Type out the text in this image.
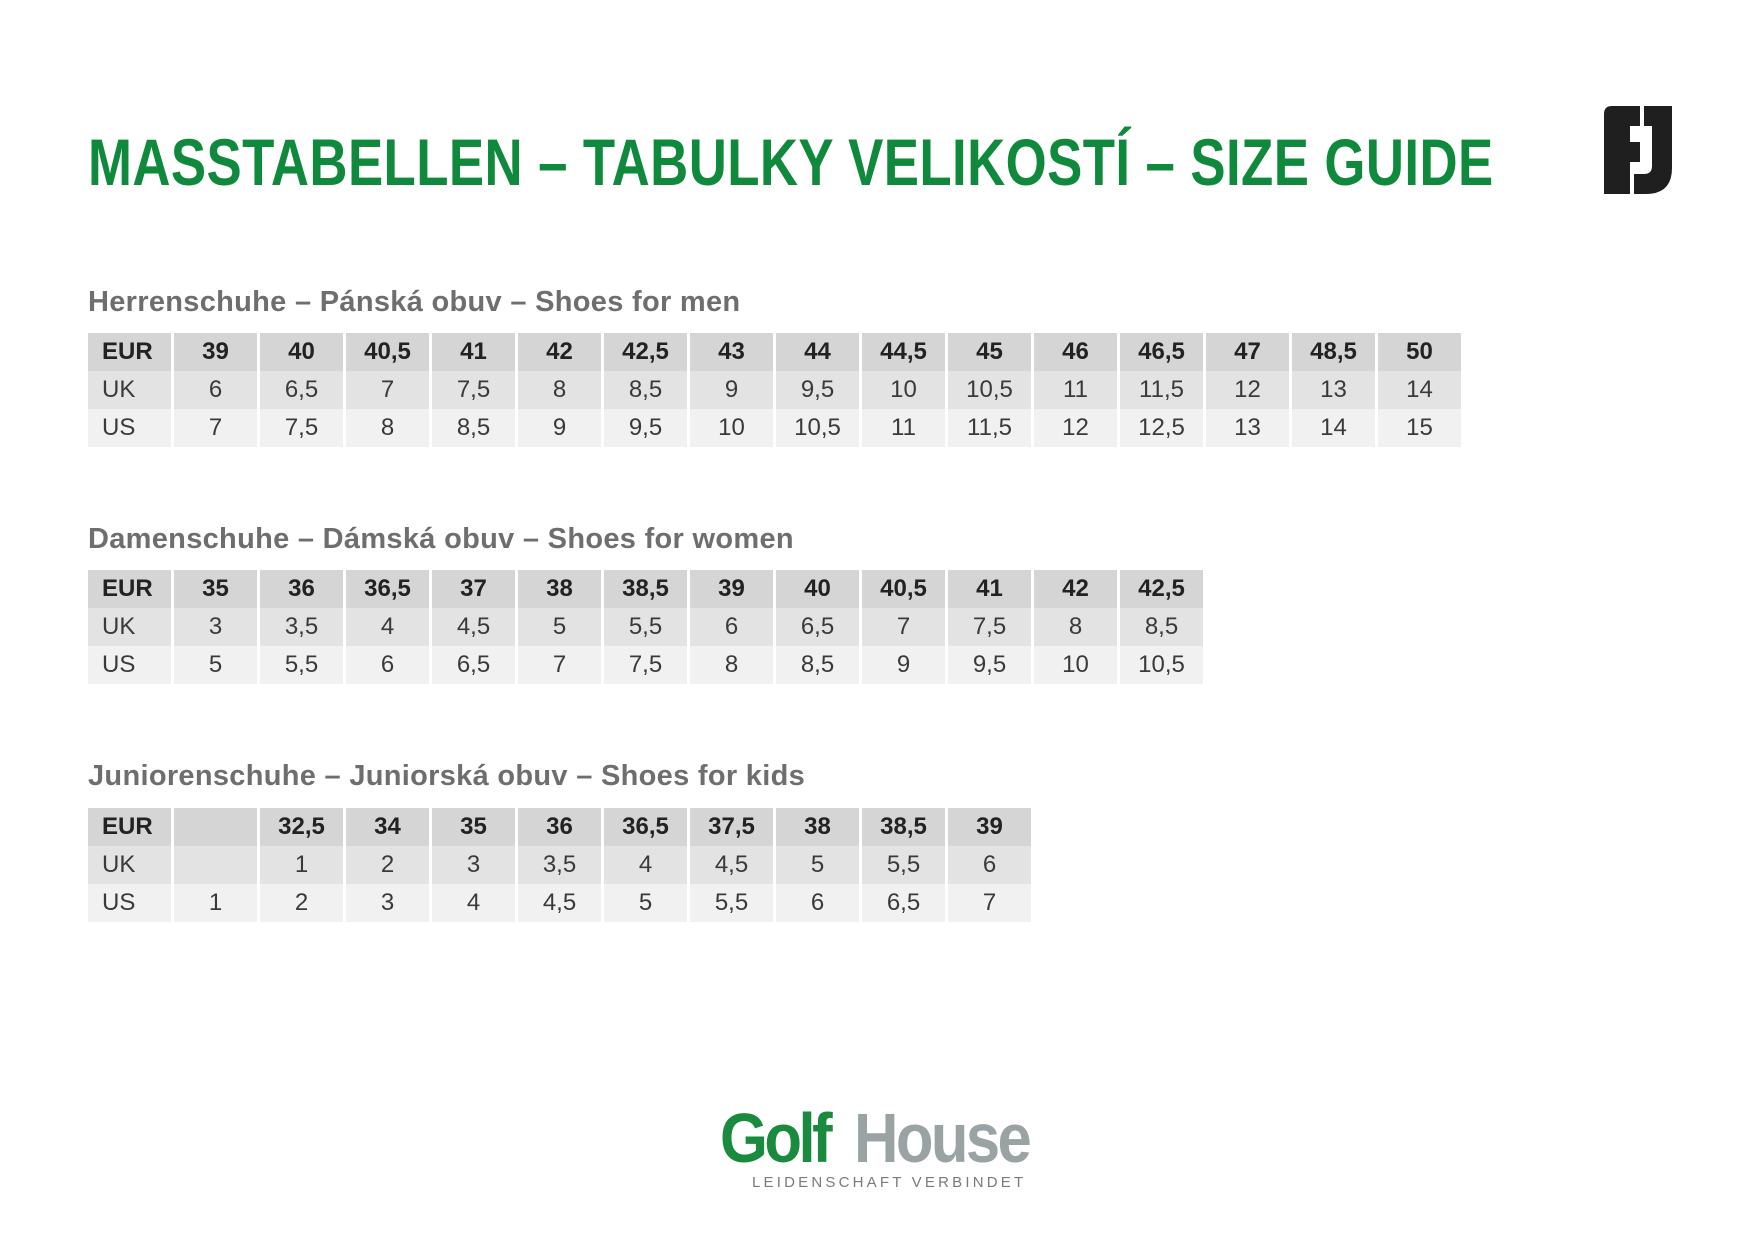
MASSTABELLEN – TABULKY VELIKOSTÍ – SIZE GUIDE
Herrenschuhe – Pánská obuv – Shoes for men
EUR	39	40	40,5	41	42	42,5	43	44	44,5	45	46	46,5	47	48,5	50
UK	6	6,5	7	7,5	8	8,5	9	9,5	10	10,5	11	11,5	12	13	14
US	7	7,5	8	8,5	9	9,5	10	10,5	11	11,5	12	12,5	13	14	15
Damenschuhe – Dámská obuv – Shoes for women
EUR	35	36	36,5	37	38	38,5	39	40	40,5	41	42	42,5
UK	3	3,5	4	4,5	5	5,5	6	6,5	7	7,5	8	8,5
US	5	5,5	6	6,5	7	7,5	8	8,5	9	9,5	10	10,5
Juniorenschuhe – Juniorská obuv – Shoes for kids
EUR		32,5	34	35	36	36,5	37,5	38	38,5	39
UK		1	2	3	3,5	4	4,5	5	5,5	6
US	1	2	3	4	4,5	5	5,5	6	6,5	7
Golf House
LEIDENSCHAFT VERBINDET
